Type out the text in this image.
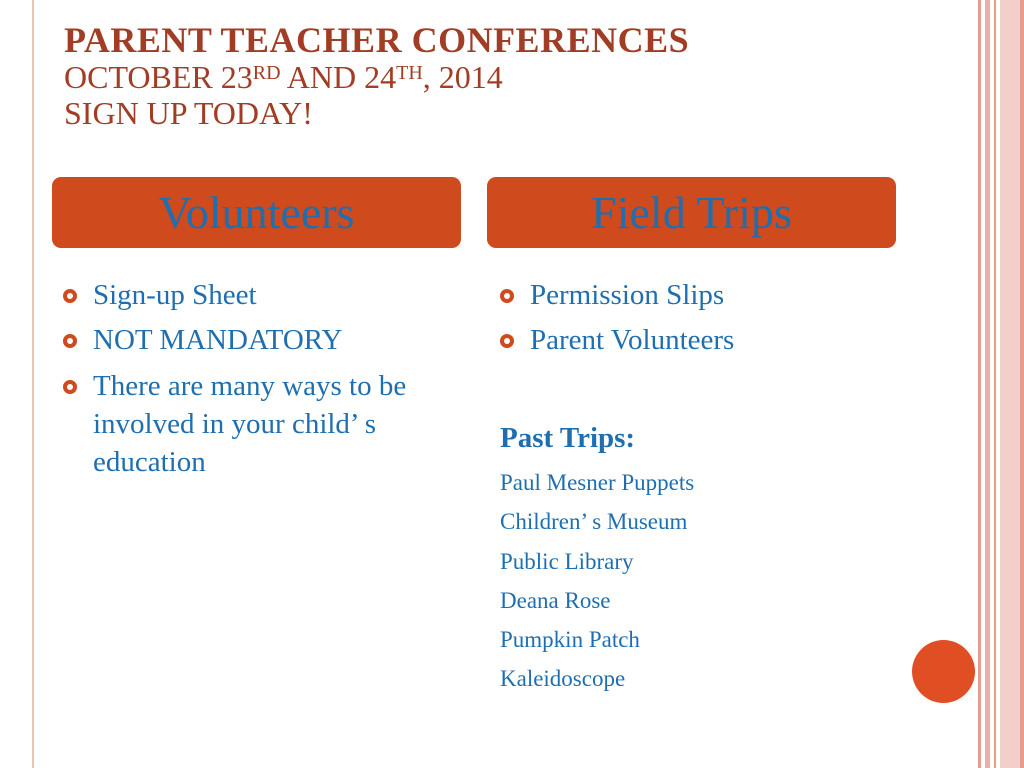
PARENT TEACHER CONFERENCES
OCTOBER 23RD AND 24TH, 2014
SIGN UP TODAY!
Volunteers	Field Trips
Sign-up Sheet
NOT MANDATORY
There are many ways to be involved in your child’ s education
Permission Slips
Parent Volunteers
Past Trips:
Paul Mesner Puppets
Children’ s Museum
Public Library
Deana Rose
Pumpkin Patch
Kaleidoscope
